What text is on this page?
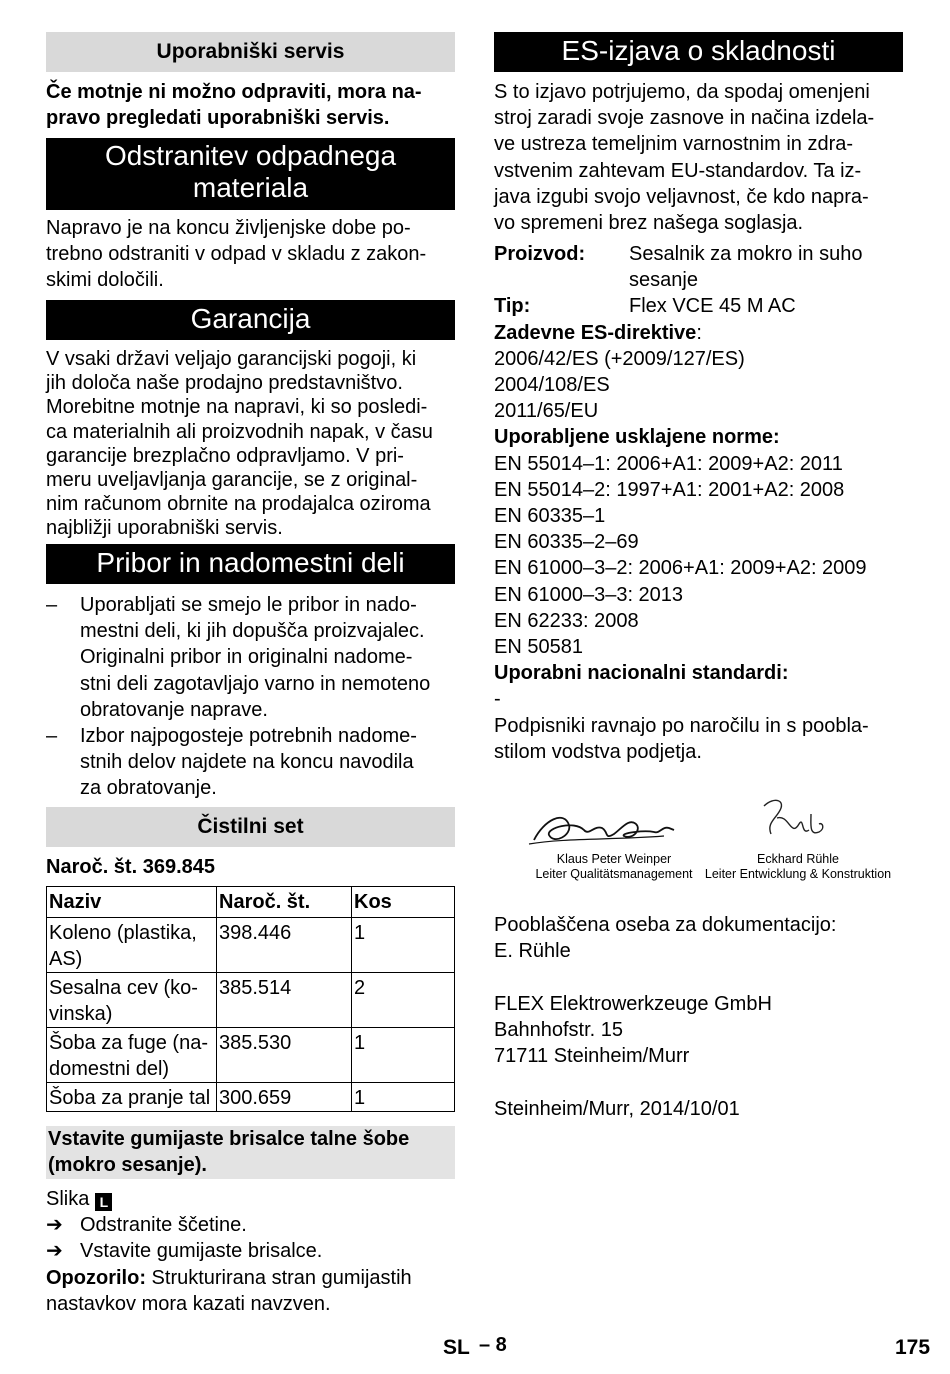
Uporabniški servis

Če motnje ni možno odpraviti, mora na-

pravo pregledati uporabniški servis.

Odstranitev odpadnega
materiala

Napravo je na koncu življenjske dobe po-

trebno odstraniti v odpad v skladu z zakon-

skimi določili.

Garancija

V vsaki državi veljajo garancijski pogoji, ki

jih določa naše prodajno predstavništvo.

Morebitne motnje na napravi, ki so posledi-

ca materialnih ali proizvodnih napak, v času

garancije brezplačno odpravljamo. V pri-

meru uveljavljanja garancije, se z original-

nim računom obrnite na prodajalca oziroma

najbližji uporabniški servis.

Pribor in nadomestni deli
– Uporabljati se smejo le pribor in nado-

mestni deli, ki jih dopušča proizvajalec.

Originalni pribor in originalni nadome-

stni deli zagotavljajo varno in nemoteno

obratovanje naprave.

– Izbor najpogosteje potrebnih nadome-

stnih delov najdete na koncu navodila

za obratovanje.

Čistilni set
Naroč. št. 369.845
Naziv	Naroč. št.	Kos

Koleno (plastika,
AS)	398.446	1

Sesalna cev (ko-
vinska)	385.514	2

Šoba za fuge (na-
domestni del)	385.530	1
Šoba za pranje tal	300.659	1
Vstavite gumijaste brisalce talne šobe
(mokro sesanje).

Slika L

➔ Odstranite ščetine.
➔ Vstavite gumijaste brisalce.

Opozorilo: Strukturirana stran gumijastih

nastavkov mora kazati navzven.

ES-izjava o skladnosti

S to izjavo potrjujemo, da spodaj omenjeni

stroj zaradi svoje zasnove in načina izdela-

ve ustreza temeljnim varnostnim in zdra-

vstvenim zahtevam EU-standardov. Ta iz-

java izgubi svojo veljavnost, če kdo napra-

vo spremeni brez našega soglasja.

Proizvod:	Sesalnik za mokro in suho
sesanje
Tip:	Flex VCE 45 M AC

Zadevne ES-direktive:

2006/42/ES (+2009/127/ES)

2004/108/ES

2011/65/EU

Uporabljene usklajene norme:

EN 55014–1: 2006+A1: 2009+A2: 2011

EN 55014–2: 1997+A1: 2001+A2: 2008

EN 60335–1

EN 60335–2–69

EN 61000–3–2: 2006+A1: 2009+A2: 2009

EN 61000–3–3: 2013

EN 62233: 2008

EN 50581

Uporabni nacionalni standardi:

-

Podpisniki ravnajo po naročilu in s poobla-

stilom vodstva podjetja.

Klaus Peter Weinper
Leiter Qualitätsmanagement
Eckhard Rühle
Leiter Entwicklung & Konstruktion

Pooblaščena oseba za dokumentacijo:

E. Rühle

FLEX Elektrowerkzeuge GmbH

Bahnhofstr. 15

71711 Steinheim/Murr

Steinheim/Murr, 2014/10/01

SL – 8	175
